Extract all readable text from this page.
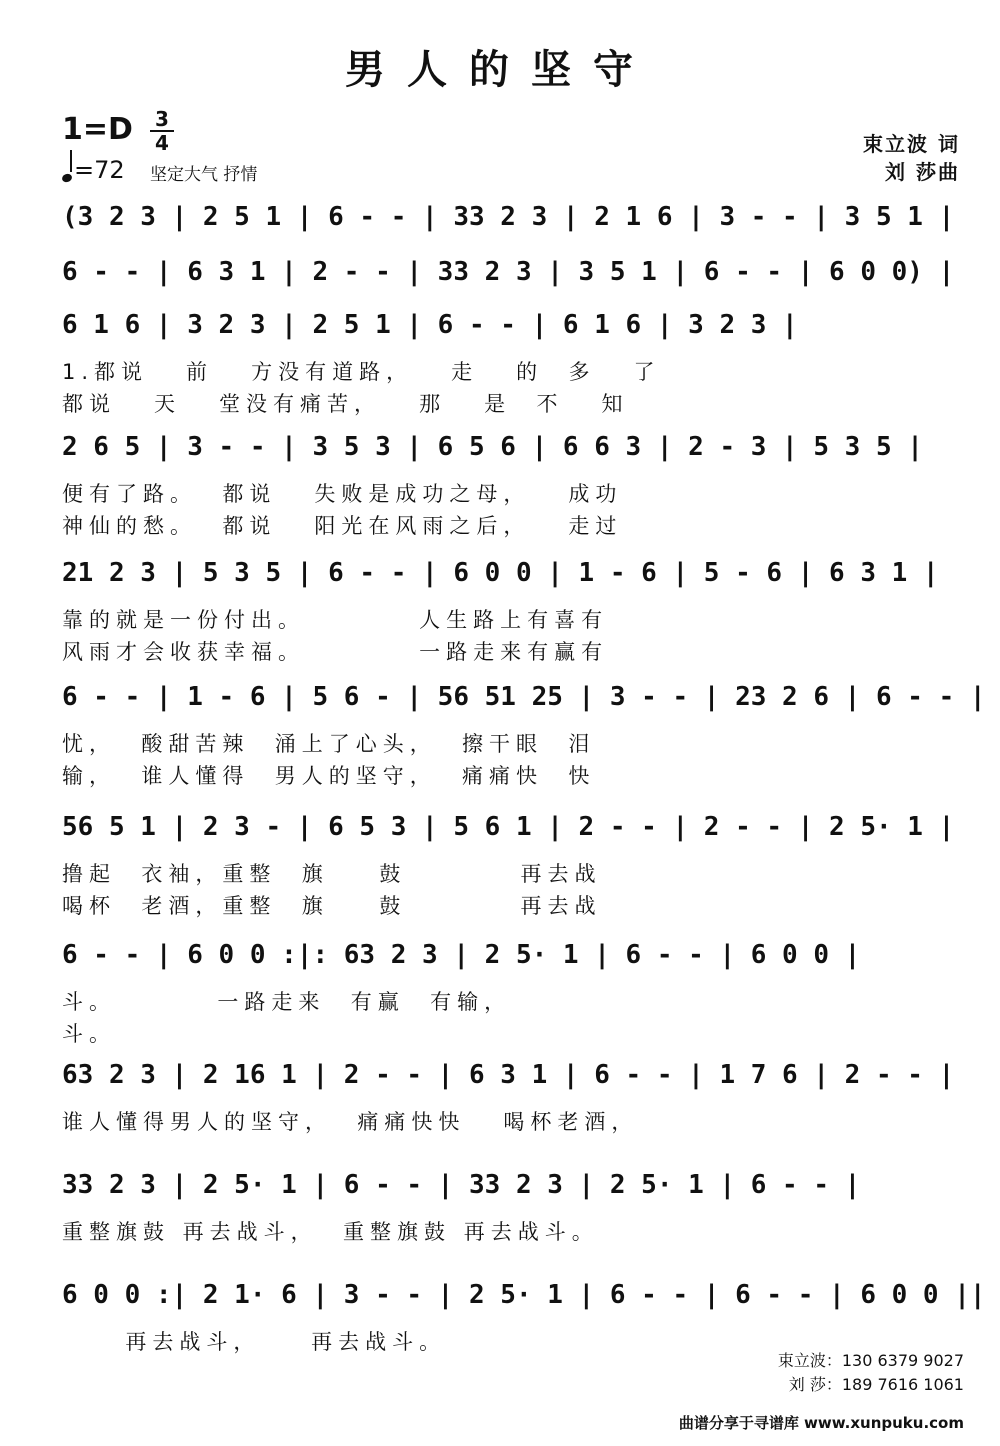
男人的坚守
1=D	3
4
=72 坚定大气 抒情
束立波 词
刘 莎曲
(3 2 3 | 2 5 1 | 6 - - | 33 2 3 | 2 1 6 | 3 - - | 3 5 1 |
6 - - | 6 3 1 | 2 - - | 33 2 3 | 3 5 1 | 6 - - | 6 0 0) |
6 1 6 | 3 2 3 | 2 5 1 | 6 - - | 6 1 6 | 3 2 3 |
1.都说   前   方没有道路，   走   的  多   了
都说   天   堂没有痛苦，   那   是  不   知
2 6 5 | 3 - - | 3 5 3 | 6 5 6 | 6 6 3 | 2 - 3 | 5 3 5 |
便有了路。  都说   失败是成功之母，   成功
神仙的愁。  都说   阳光在风雨之后，   走过
21 2 3 | 5 3 5 | 6 - - | 6 0 0 | 1 - 6 | 5 - 6 | 6 3 1 |
靠的就是一份付出。         人生路上有喜有
风雨才会收获幸福。         一路走来有赢有
6 - - | 1 - 6 | 5 6 - | 56 51 25 | 3 - - | 23 2 6 | 6 - - |
忧，  酸甜苦辣  涌上了心头，  擦干眼  泪
输，  谁人懂得  男人的坚守，  痛痛快  快
56 5 1 | 2 3 - | 6 5 3 | 5 6 1 | 2 - - | 2 - - | 2 5· 1 |
撸起  衣袖，重整  旗    鼓         再去战
喝杯  老酒，重整  旗    鼓         再去战
6 - - | 6 0 0 :|: 63 2 3 | 2 5· 1 | 6 - - | 6 0 0 |
斗。        一路走来  有赢  有输，
斗。
63 2 3 | 2 16 1 | 2 - - | 6 3 1 | 6 - - | 1 7 6 | 2 - - |
谁人懂得男人的坚守，  痛痛快快   喝杯老酒，
33 2 3 | 2 5· 1 | 6 - - | 33 2 3 | 2 5· 1 | 6 - - |
重整旗鼓 再去战斗，  重整旗鼓 再去战斗。
6 0 0 :| 2 1· 6 | 3 - - | 2 5· 1 | 6 - - | 6 - - | 6 0 0 ||
再去战斗，    再去战斗。
束立波：130 6379 9027
刘 莎：189 7616 1061
曲谱分享于寻谱库 www.xunpuku.com
